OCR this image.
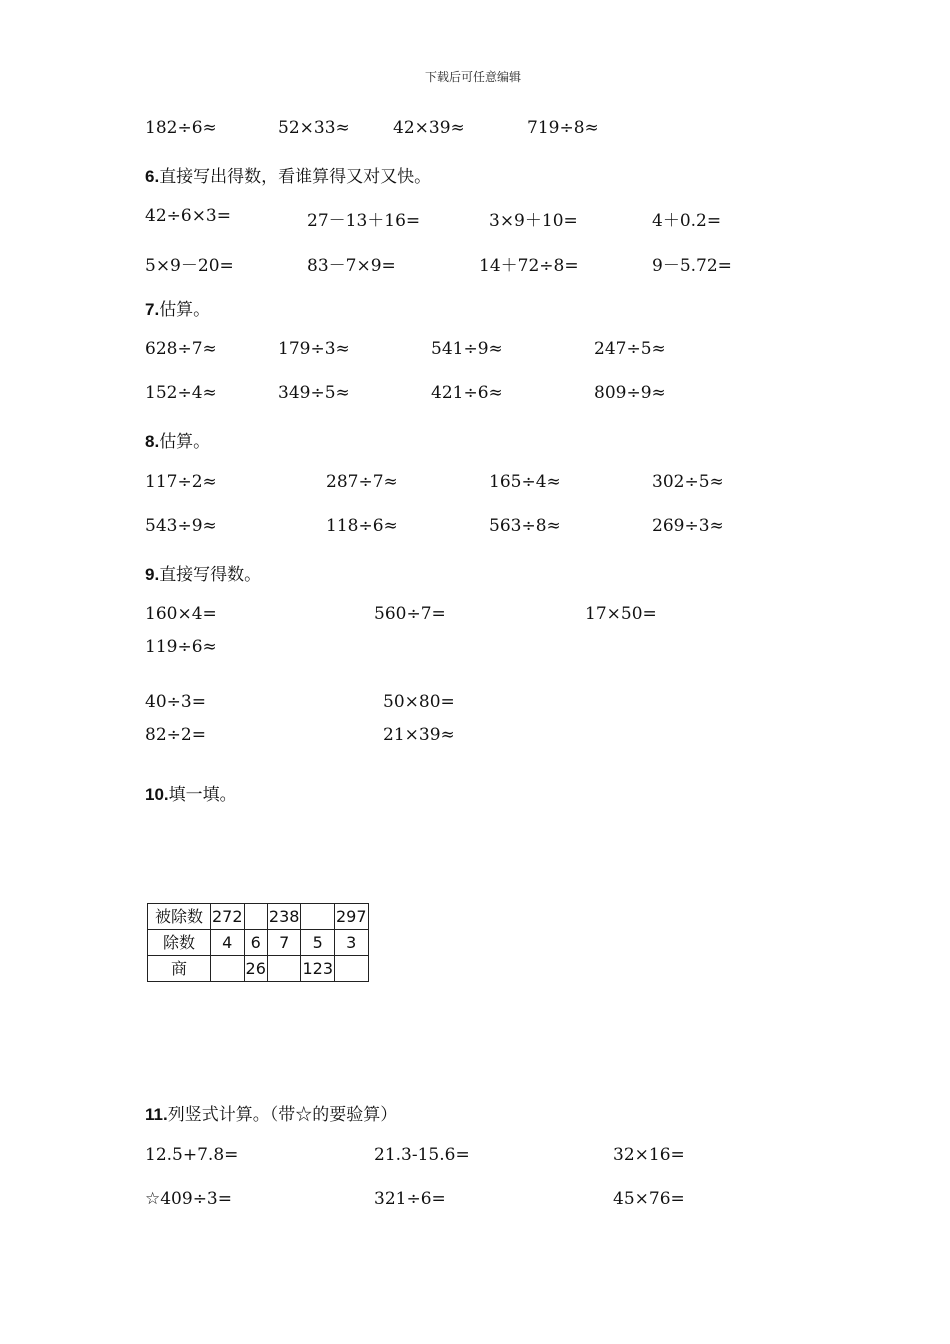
下载后可任意编辑
182÷6≈	52×33≈	42×39≈	719÷8≈
6.直接写出得数，看谁算得又对又快。
42÷6×3=	27－13＋16=	3×9＋10=	4＋0.2=
5×9－20=	83－7×9=	14＋72÷8=	9－5.72=
7.估算。
628÷7≈	179÷3≈	541÷9≈	247÷5≈
152÷4≈	349÷5≈	421÷6≈	809÷9≈
8.估算。
117÷2≈	287÷7≈	165÷4≈	302÷5≈
543÷9≈	118÷6≈	563÷8≈	269÷3≈
9.直接写得数。
160×4=	560÷7=	17×50=
119÷6≈
40÷3=	50×80=
82÷2=	21×39≈
10.填一填。
被除数	272		238		297
除数	4	6	7	5	3
商		26		123	
11.列竖式计算。（带☆的要验算）
12.5+7.8=	21.3-15.6=	32×16=
☆409÷3=	321÷6=	45×76=
